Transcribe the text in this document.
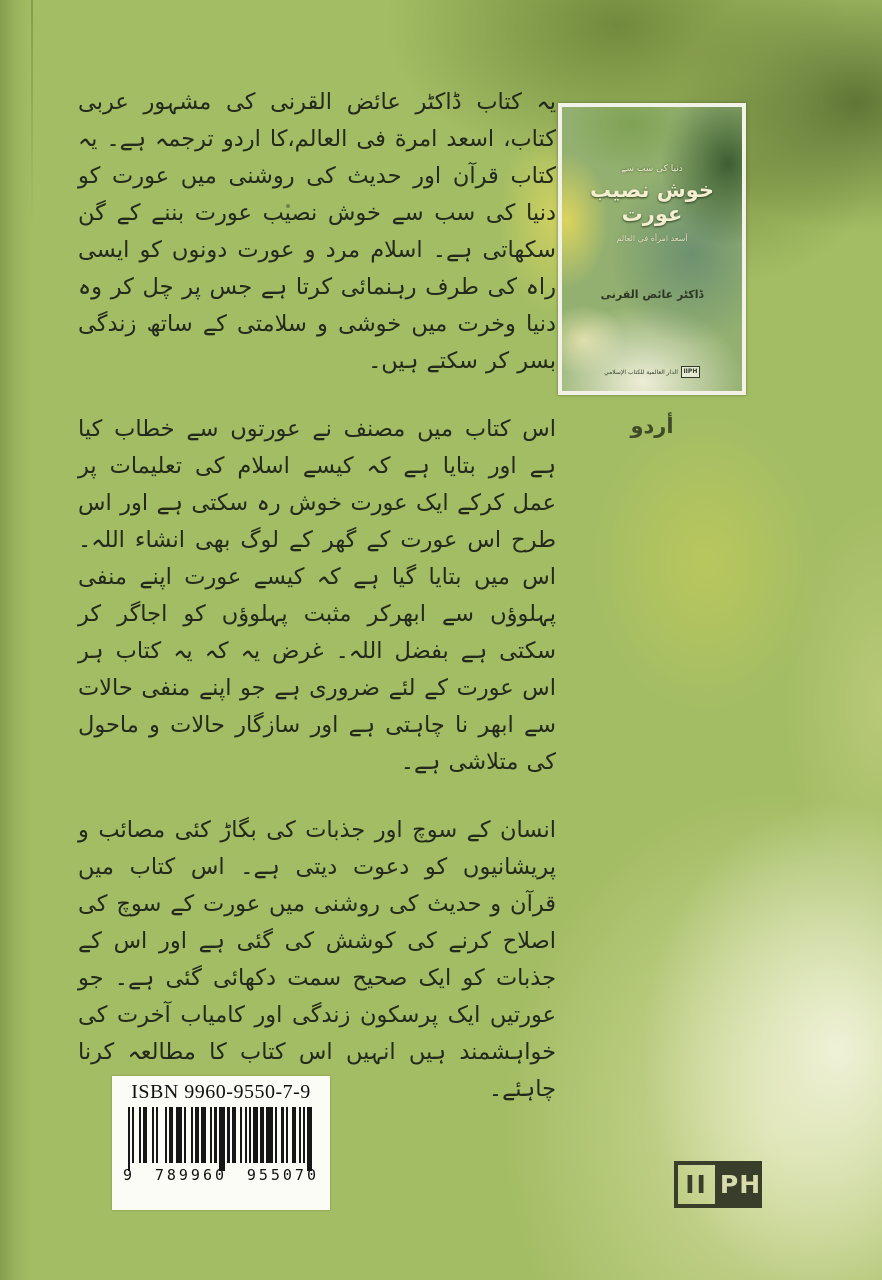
یہ کتاب ڈاکٹر عائض القرنی کی مشہور عربی کتاب، اسعد امرة فی العالم،کا اردو ترجمہ ہے۔ یہ کتاب قرآن اور حدیث کی روشنی میں عورت کو دنیا کی سب سے خوش نصیب عورت بننے کے گن سکھاتی ہے۔ اسلام مرد و عورت دونوں کو ایسی راہ کی طرف رہنمائی کرتا ہے جس پر چل کر وہ دنیا وخرت میں خوشی و سلامتی کے ساتھ زندگی بسر کر سکتے ہیں۔

اس کتاب میں مصنف نے عورتوں سے خطاب کیا ہے اور بتایا ہے کہ کیسے اسلام کی تعلیمات پر عمل کرکے ایک عورت خوش رہ سکتی ہے اور اس طرح اس عورت کے گھر کے لوگ بھی انشاء اللہ۔اس میں بتایا گیا ہے کہ کیسے عورت اپنے منفی پہلوؤں سے ابھرکر مثبت پہلوؤں کو اجاگر کر سکتی ہے بفضل اللہ۔ غرض یہ کہ یہ کتاب ہر اس عورت کے لئے ضروری ہے جو اپنے منفی حالات سے ابھر نا چاہتی ہے اور سازگار حالات و ماحول کی متلاشی ہے۔

انسان کے سوچ اور جذبات کی بگاڑ کئی مصائب و پریشانیوں کو دعوت دیتی ہے۔ اس کتاب میں قرآن و حدیث کی روشنی میں عورت کے سوچ کی اصلاح کرنے کی کوشش کی گئی ہے اور اس کے جذبات کو ایک صحیح سمت دکھائی گئی ہے۔ جو عورتیں ایک پرسکون زندگی اور کامیاب آخرت کی خواہشمند ہیں انہیں اس کتاب کا مطالعہ کرنا چاہئے۔

دنیا کی سب سے
خوش نصیب عورت
أسعد امرأة في العالم
ڈاکٹر عائض القرنی
IIPH
الدار العالمية للكتاب الإسلامي
أردو
ISBN 9960-9550-7-9
9 789960 955070	II PH
